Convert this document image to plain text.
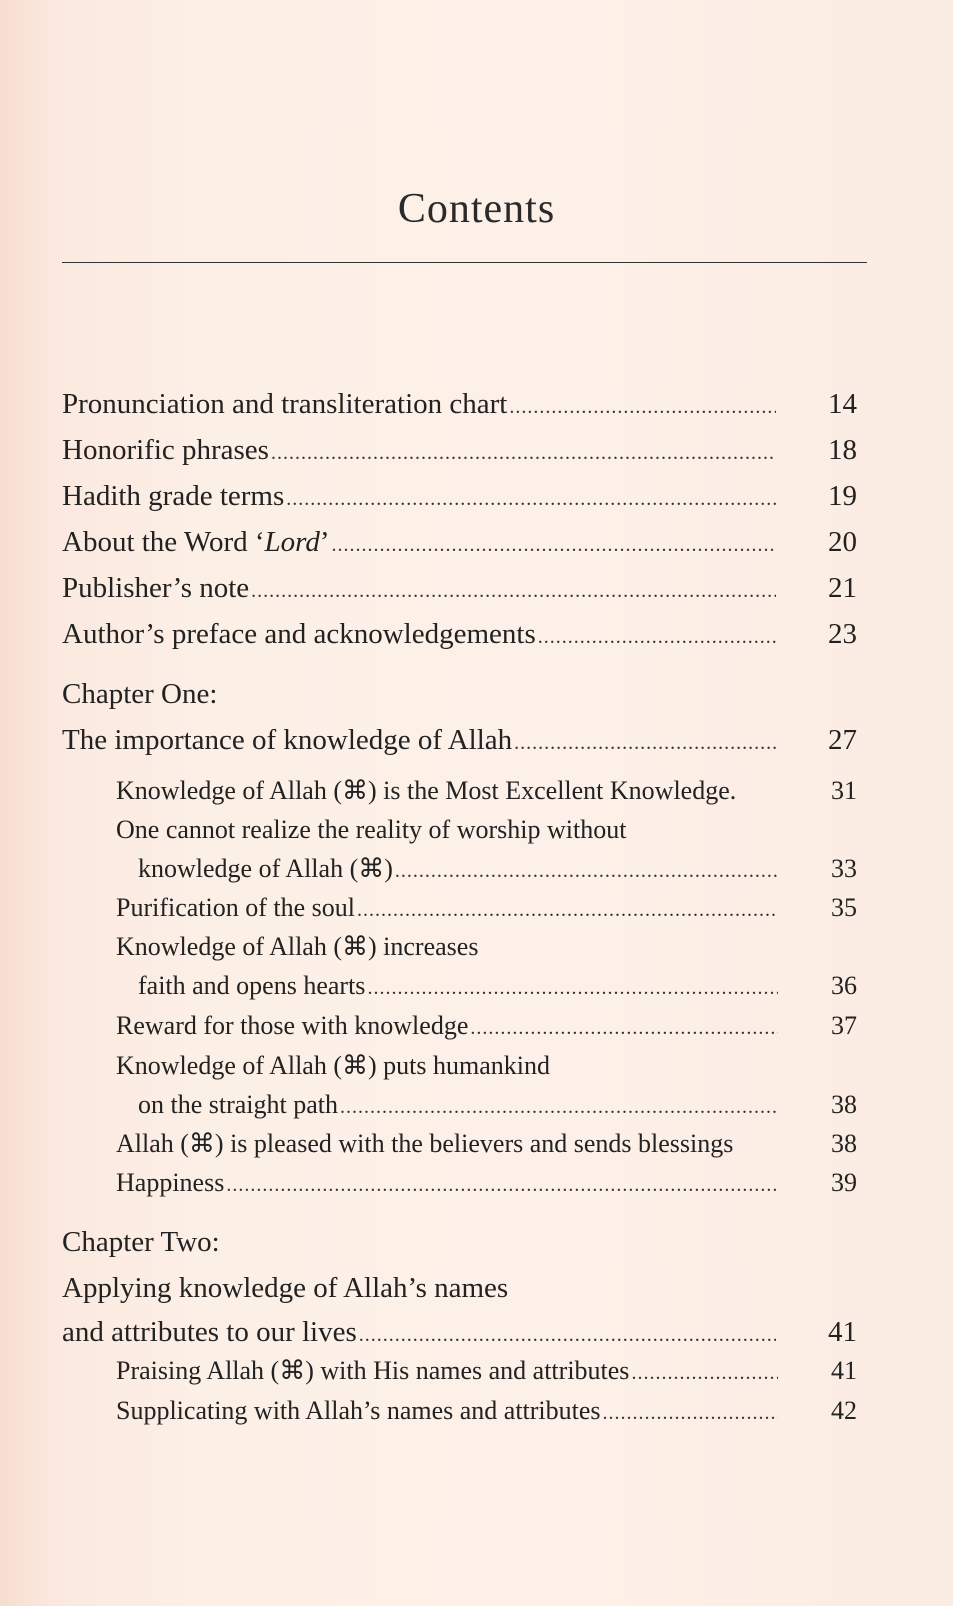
Contents
Pronunciation and transliteration chart .....	14
Honorific phrases .....	18
Hadith grade terms .....	19
About the Word ‘Lord’ .....	20
Publisher’s note .....	21
Author’s preface and acknowledgements .....	23
Chapter One:
The importance of knowledge of Allah .....	27
Knowledge of Allah (⌘) is the Most Excellent Knowledge.	31
One cannot realize the reality of worship without
knowledge of Allah (⌘) .....	33
Purification of the soul .....	35
Knowledge of Allah (⌘) increases
faith and opens hearts .....	36
Reward for those with knowledge .....	37
Knowledge of Allah (⌘) puts humankind
on the straight path .....	38
Allah (⌘) is pleased with the believers and sends blessings	38
Happiness .....	39
Chapter Two:
Applying knowledge of Allah’s names
and attributes to our lives .....	41
Praising Allah (⌘) with His names and attributes .....	41
Supplicating with Allah’s names and attributes .....	42
